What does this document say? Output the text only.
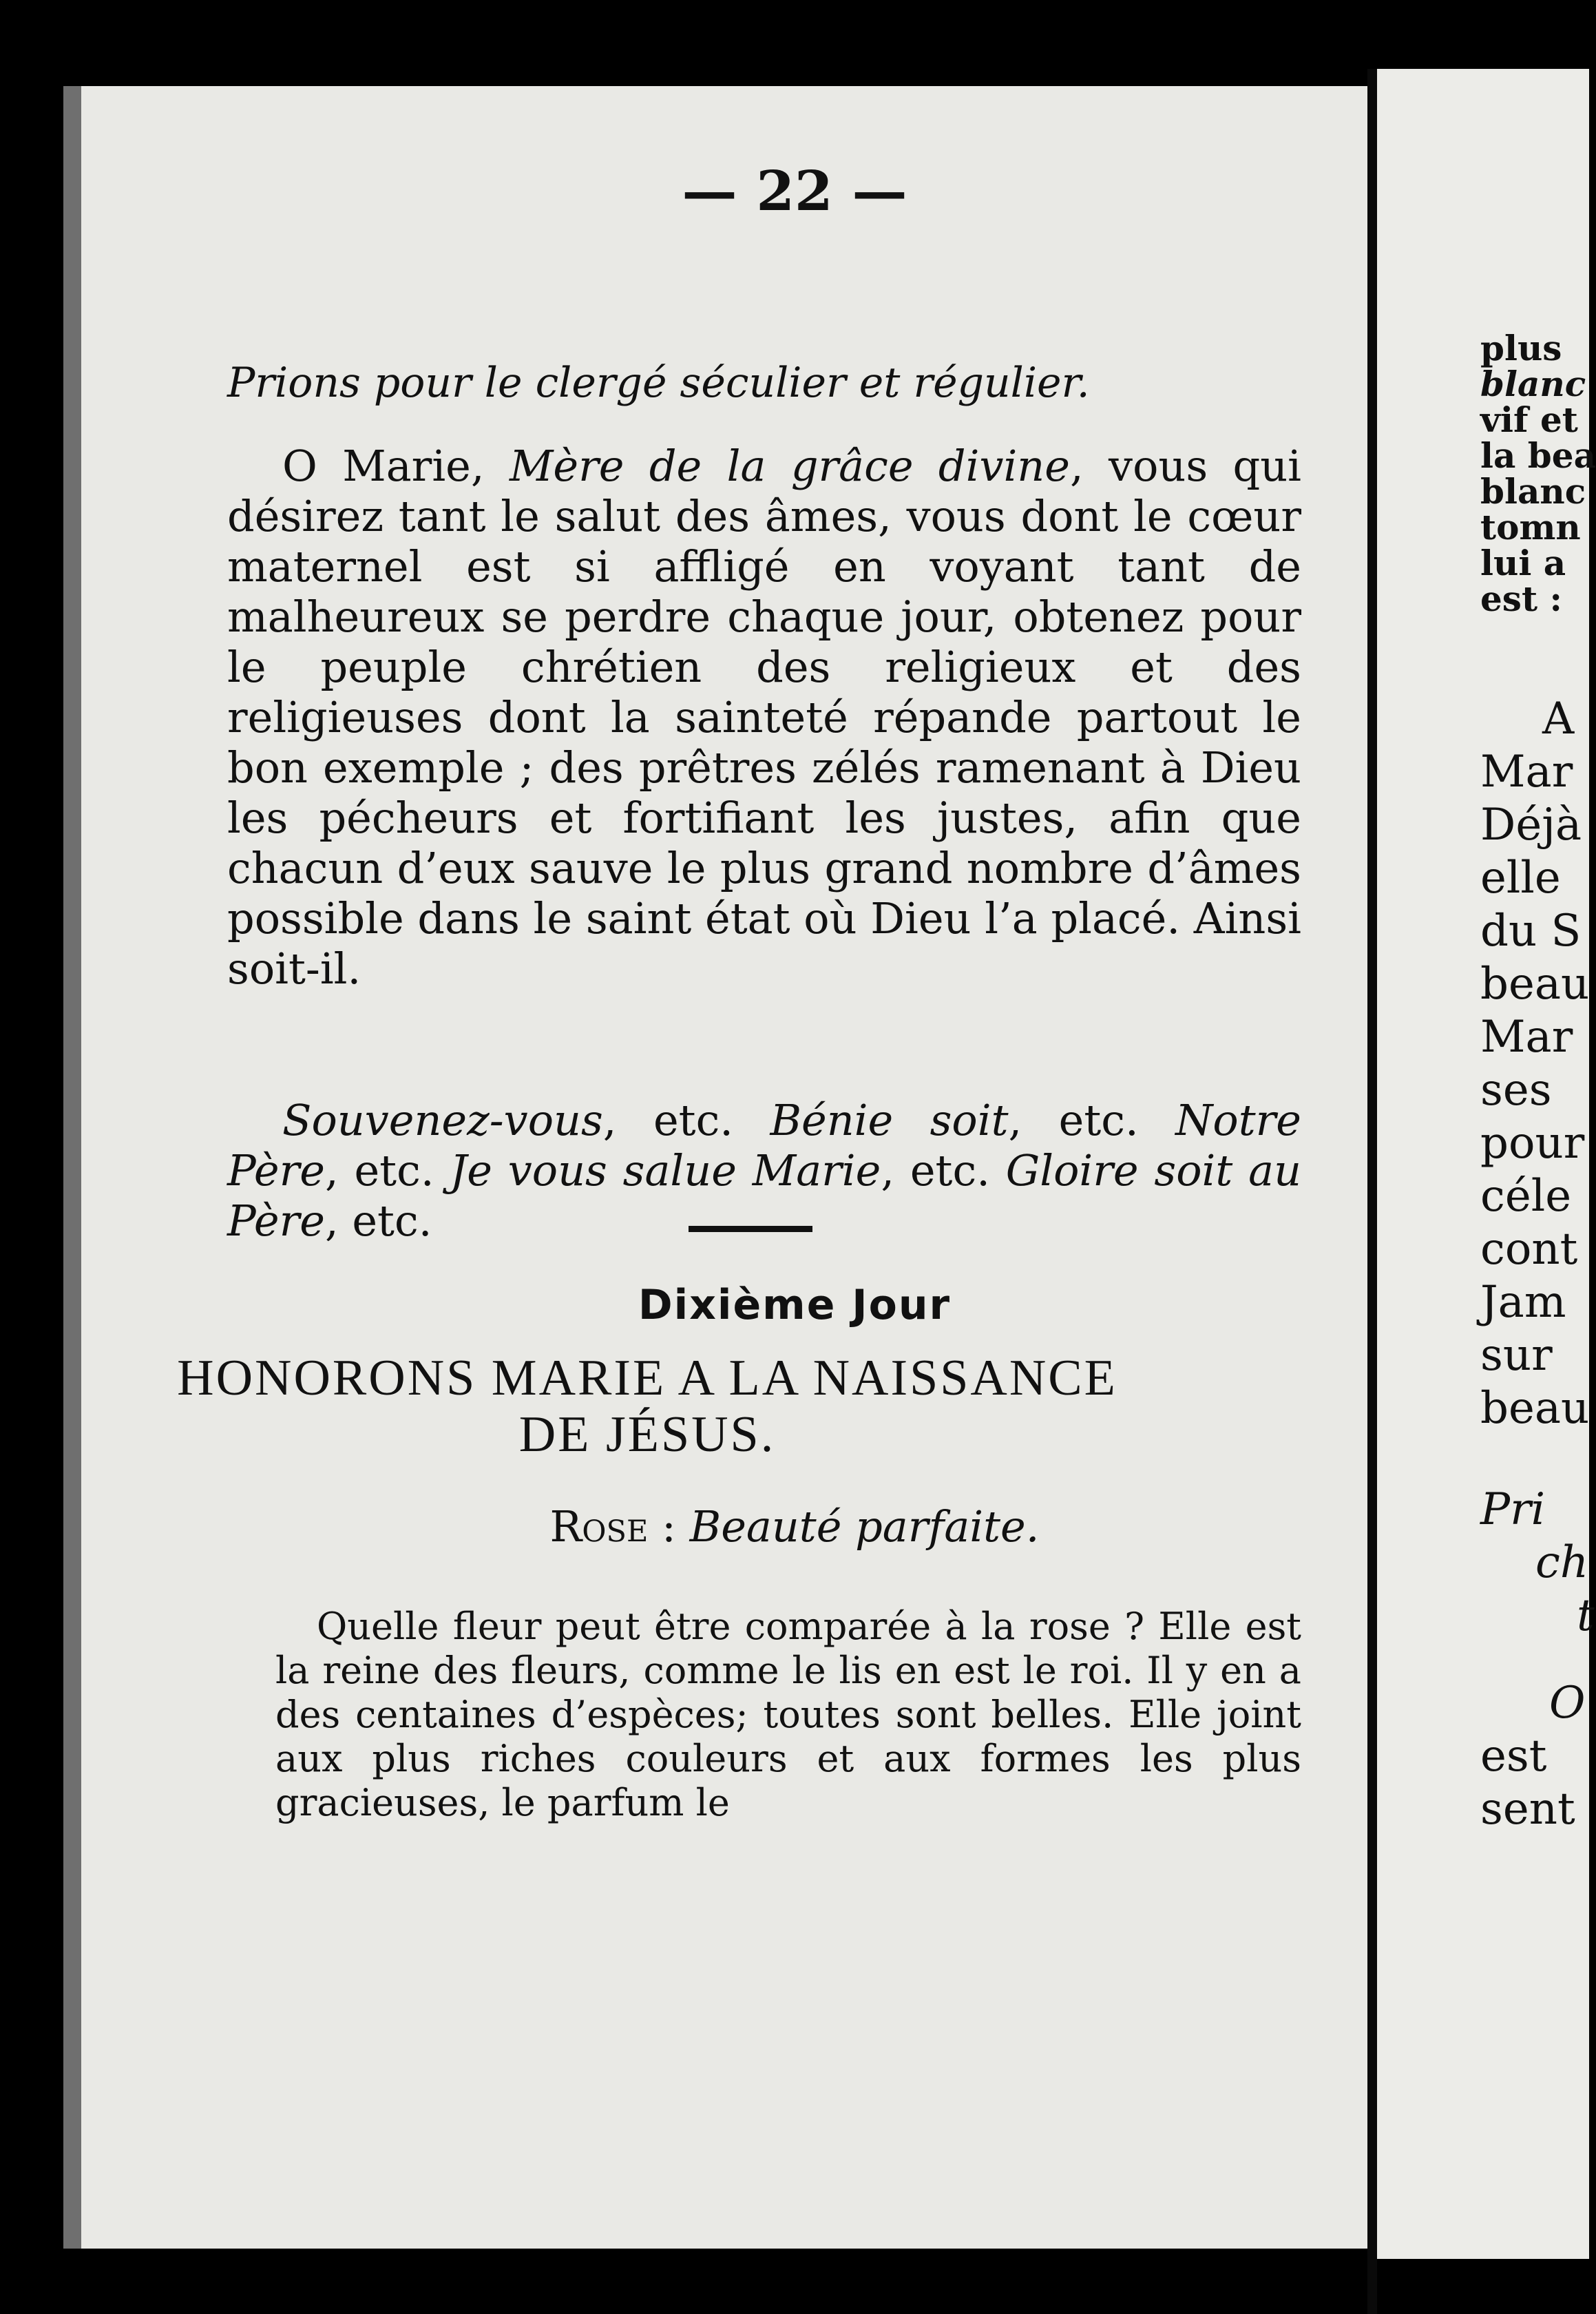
plus
blanc
vif et
la bea
blanc
tomn
lui a
est :
A
Mar
Déjà
elle
du S
beau
Mar
ses
pour
céle
cont
Jam
sur
beau
Pri
ch
t
O
est
sent
— 22 —
Prions pour le clergé séculier et régulier.

O Marie, Mère de la grâce divine, vous qui désirez tant le salut des âmes, vous dont le cœur maternel est si affligé en voyant tant de malheureux se perdre chaque jour, obtenez pour le peuple chrétien des religieux et des religieuses dont la sainteté répande partout le bon exemple ; des prêtres zélés ramenant à Dieu les pécheurs et fortifiant les justes, afin que chacun d’eux sauve le plus grand nombre d’âmes possible dans le saint état où Dieu l’a placé. Ainsi soit-il.

Souvenez-vous, etc. Bénie soit, etc. Notre Père, etc. Je vous salue Marie, etc. Gloire soit au Père, etc.

Dixième Jour
HONORONS MARIE A LA NAISSANCE DE JÉSUS.
Rose : Beauté parfaite.

Quelle fleur peut être comparée à la rose ? Elle est la reine des fleurs, comme le lis en est le roi. Il y en a des centaines d’espèces; toutes sont belles. Elle joint aux plus riches couleurs et aux formes les plus gracieuses, le parfum le
